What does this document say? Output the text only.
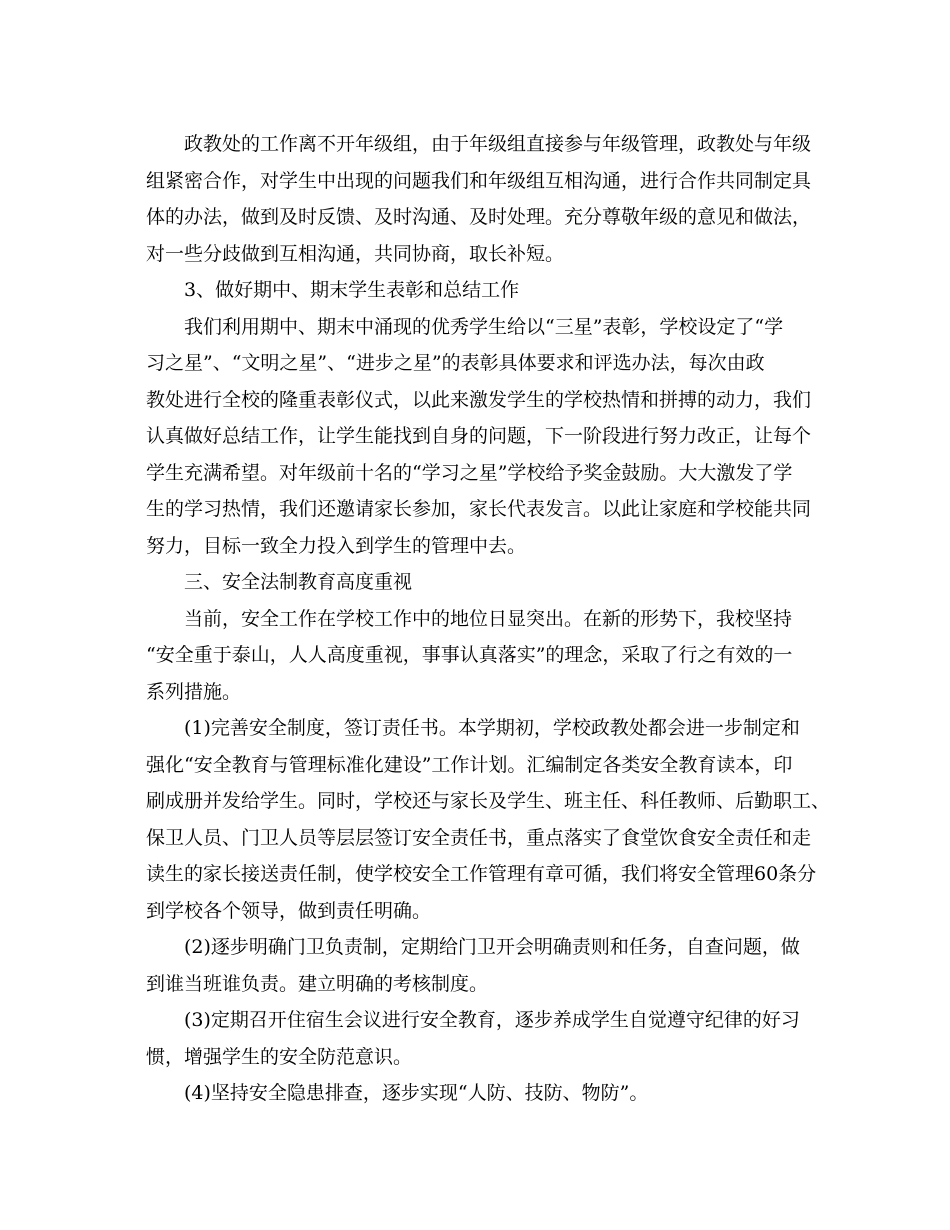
政教处的工作离不开年级组，由于年级组直接参与年级管理，政教处与年级
组紧密合作，对学生中出现的问题我们和年级组互相沟通，进行合作共同制定具
体的办法，做到及时反馈、及时沟通、及时处理。充分尊敬年级的意见和做法，
对一些分歧做到互相沟通，共同协商，取长补短。
3、做好期中、期末学生表彰和总结工作
我们利用期中、期末中涌现的优秀学生给以“三星”表彰，学校设定了“学
习之星”、“文明之星”、“进步之星”的表彰具体要求和评选办法，每次由政
教处进行全校的隆重表彰仪式，以此来激发学生的学校热情和拼搏的动力，我们
认真做好总结工作，让学生能找到自身的问题，下一阶段进行努力改正，让每个
学生充满希望。对年级前十名的“学习之星”学校给予奖金鼓励。大大激发了学
生的学习热情，我们还邀请家长参加，家长代表发言。以此让家庭和学校能共同
努力，目标一致全力投入到学生的管理中去。
三、安全法制教育高度重视
当前，安全工作在学校工作中的地位日显突出。在新的形势下，我校坚持
“安全重于泰山，人人高度重视，事事认真落实”的理念，采取了行之有效的一
系列措施。
(1)完善安全制度，签订责任书。本学期初，学校政教处都会进一步制定和
强化“安全教育与管理标准化建设”工作计划。汇编制定各类安全教育读本，印
刷成册并发给学生。同时，学校还与家长及学生、班主任、科任教师、后勤职工、
保卫人员、门卫人员等层层签订安全责任书，重点落实了食堂饮食安全责任和走
读生的家长接送责任制，使学校安全工作管理有章可循，我们将安全管理60条分
到学校各个领导，做到责任明确。
(2)逐步明确门卫负责制，定期给门卫开会明确责则和任务，自查问题，做
到谁当班谁负责。建立明确的考核制度。
(3)定期召开住宿生会议进行安全教育，逐步养成学生自觉遵守纪律的好习
惯，增强学生的安全防范意识。
(4)坚持安全隐患排查，逐步实现“人防、技防、物防”。
